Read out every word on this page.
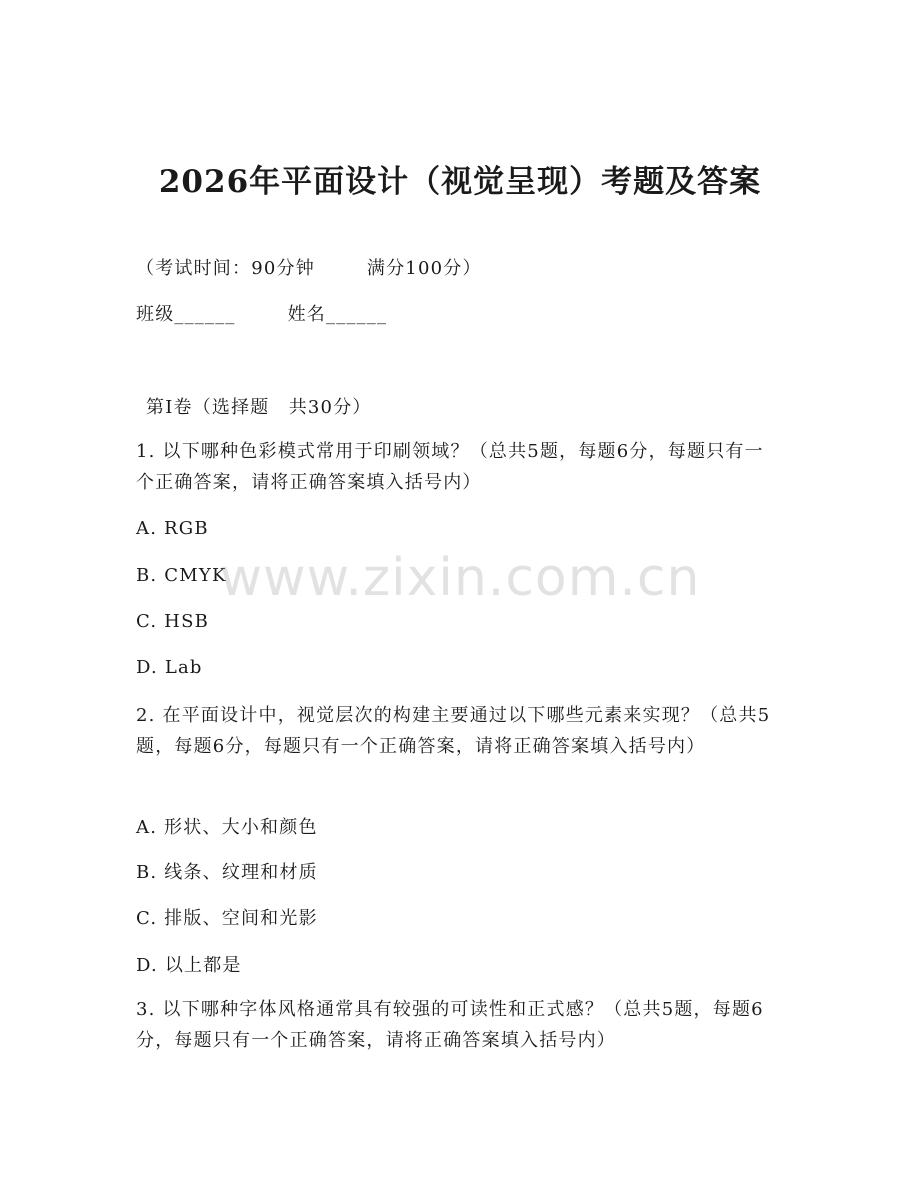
2026年平面设计（视觉呈现）考题及答案
（考试时间：90分钟	满分100分）
班级______	姓名______
第Ⅰ卷（选择题　共30分）
1. 以下哪种色彩模式常用于印刷领域？（总共5题，每题6分，每题只有一个正确答案，请将正确答案填入括号内）
A. RGB
B. CMYK
C. HSB
D. Lab
2. 在平面设计中，视觉层次的构建主要通过以下哪些元素来实现？（总共5题，每题6分，每题只有一个正确答案，请将正确答案填入括号内）
A. 形状、大小和颜色
B. 线条、纹理和材质
C. 排版、空间和光影
D. 以上都是
3. 以下哪种字体风格通常具有较强的可读性和正式感？（总共5题，每题6分，每题只有一个正确答案，请将正确答案填入括号内）
www.zixin.com.cn
